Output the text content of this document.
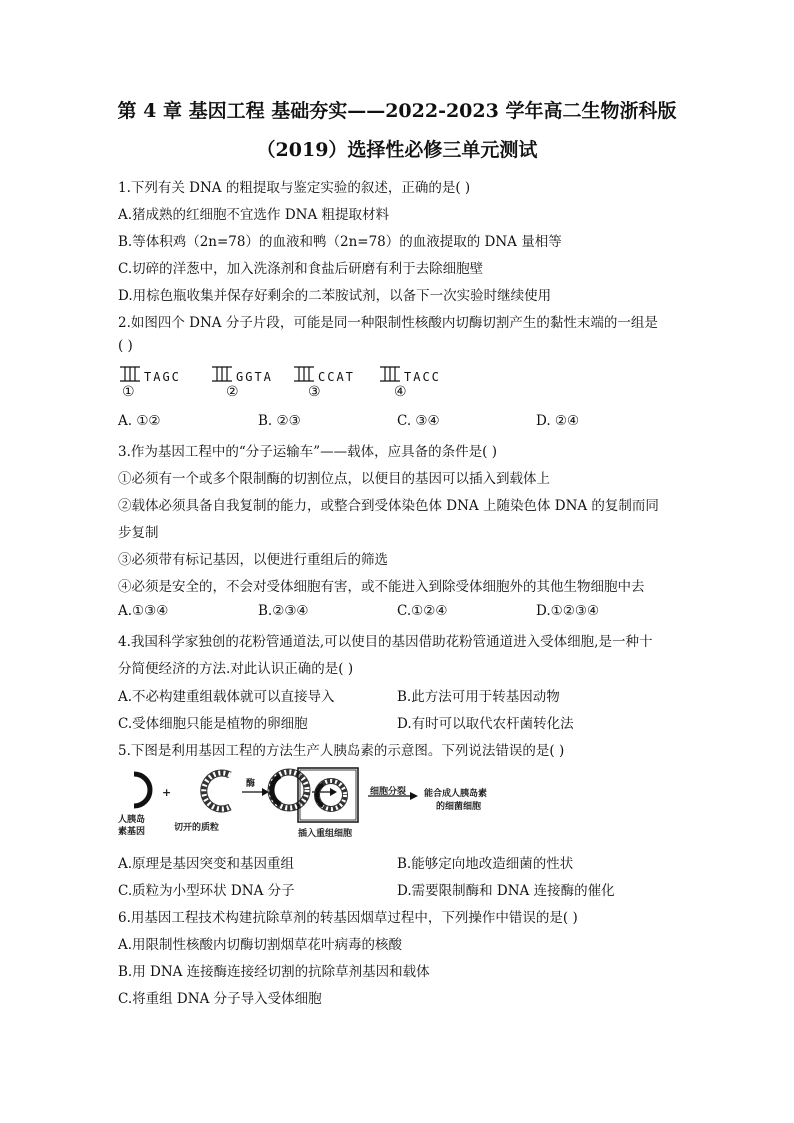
第 4 章 基因工程 基础夯实——2022-2023 学年高二生物浙科版
（2019）选择性必修三单元测试
1.下列有关 DNA 的粗提取与鉴定实验的叙述，正确的是( )
A.猪成熟的红细胞不宜选作 DNA 粗提取材料
B.等体积鸡（2n=78）的血液和鸭（2n=78）的血液提取的 DNA 量相等
C.切碎的洋葱中，加入洗涤剂和食盐后研磨有利于去除细胞壁
D.用棕色瓶收集并保存好剩余的二苯胺试剂，以备下一次实验时继续使用
2.如图四个 DNA 分子片段，可能是同一种限制性核酸内切酶切割产生的黏性末端的一组是
( )
TAGC
①
GGTA
②
CCAT
③
TACC
④
A. ①②	B. ②③	C. ③④	D. ②④
3.作为基因工程中的“分子运输车”——载体，应具备的条件是( )
①必须有一个或多个限制酶的切割位点，以便目的基因可以插入到载体上
②载体必须具备自我复制的能力，或整合到受体染色体 DNA 上随染色体 DNA 的复制而同
步复制
③必须带有标记基因，以便进行重组后的筛选
④必须是安全的，不会对受体细胞有害，或不能进入到除受体细胞外的其他生物细胞中去
A.①③④	B.②③④	C.①②④	D.①②③④
4.我国科学家独创的花粉管通道法,可以使目的基因借助花粉管通道进入受体细胞,是一种十
分简便经济的方法.对此认识正确的是( )
A.不必构建重组载体就可以直接导入	B.此方法可用于转基因动物
C.受体细胞只能是植物的卵细胞	D.有时可以取代农杆菌转化法
5.下图是利用基因工程的方法生产人胰岛素的示意图。下列说法错误的是( )
人胰岛
素基因
+
切开的质粒
酶
插入重组细胞
细胞分裂 能合成人胰岛素
的细菌细胞
A.原理是基因突变和基因重组	B.能够定向地改造细菌的性状
C.质粒为小型环状 DNA 分子	D.需要限制酶和 DNA 连接酶的催化
6.用基因工程技术构建抗除草剂的转基因烟草过程中，下列操作中错误的是( )
A.用限制性核酸内切酶切割烟草花叶病毒的核酸
B.用 DNA 连接酶连接经切割的抗除草剂基因和载体
C.将重组 DNA 分子导入受体细胞
